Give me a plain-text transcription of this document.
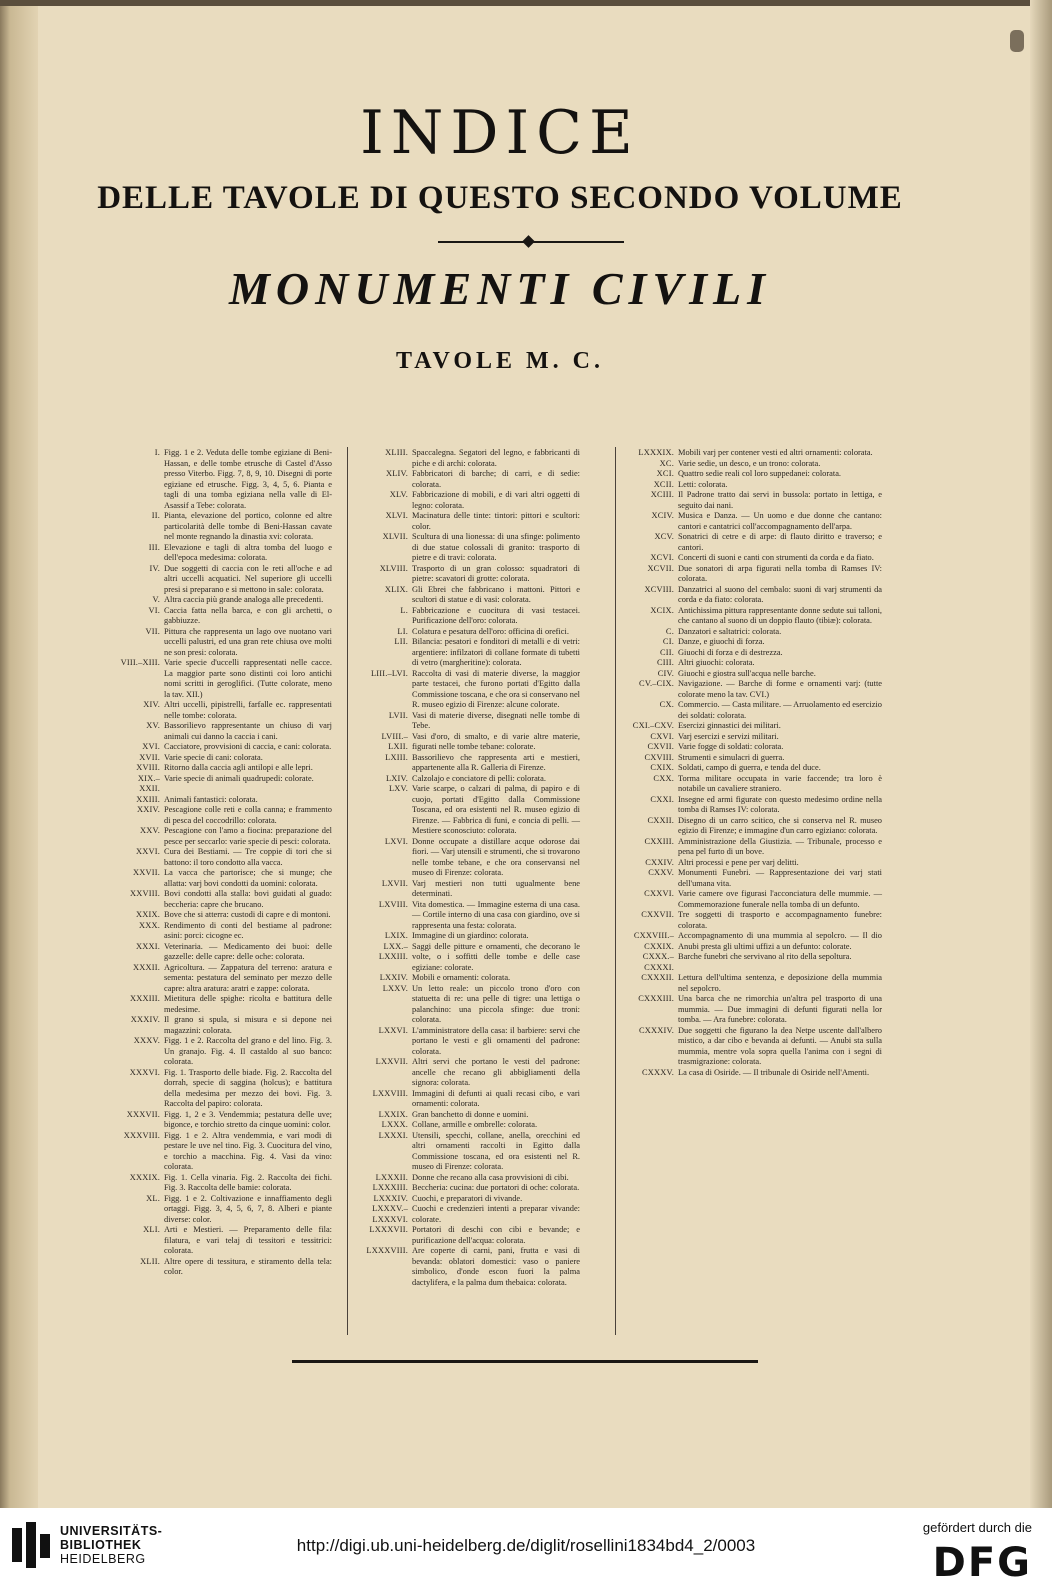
INDICE
DELLE TAVOLE DI QUESTO SECONDO VOLUME
MONUMENTI CIVILI
TAVOLE M. C.
I. Figg. 1 e 2. Veduta delle tombe egiziane di Beni-Hassan, e delle tombe etrusche di Castel d'Asso presso Viterbo. Figg. 7, 8, 9, 10. Disegni di porte egiziane ed etrusche. Figg. 3, 4, 5, 6. Pianta e tagli di una tomba egiziana nella valle di El-Asassif a Tebe: colorata.
II. Pianta, elevazione del portico, colonne ed altre particolarità delle tombe di Beni-Hassan cavate nel monte regnando la dinastia xvi: colorata.
III. Elevazione e tagli di altra tomba del luogo e dell'epoca medesima: colorata.
IV. Due soggetti di caccia con le reti all'oche e ad altri uccelli acquatici. Nel superiore gli uccelli presi si preparano e si mettono in sale: colorata.
V. Altra caccia più grande analoga alle precedenti.
VI. Caccia fatta nella barca, e con gli archetti, o gabbiuzze.
VII. Pittura che rappresenta un lago ove nuotano vari uccelli palustri, ed una gran rete chiusa ove molti ne son presi: colorata.
VIII.–XIII. Varie specie d'uccelli rappresentati nelle cacce. La maggior parte sono distinti coi loro antichi nomi scritti in geroglifici. (Tutte colorate, meno la tav. XII.)
XIV. Altri uccelli, pipistrelli, farfalle ec. rappresentati nelle tombe: colorata.
XV. Bassorilievo rappresentante un chiuso di varj animali cui danno la caccia i cani.
XVI. Cacciatore, provvisioni di caccia, e cani: colorata.
XVII. Varie specie di cani: colorata.
XVIII. Ritorno dalla caccia agli antilopi e alle lepri.
XIX.–XXII.
Varie specie di animali quadrupedi: colorate.
XXIII. Animali fantastici: colorata.
XXIV. Pescagione colle reti e colla canna; e frammento di pesca del coccodrillo: colorata.
XXV. Pescagione con l'amo a fiocina: preparazione del pesce per seccarlo: varie specie di pesci: colorata.
XXVI. Cura dei Bestiami. — Tre coppie di tori che si battono: il toro condotto alla vacca.
XXVII. La vacca che partorisce; che si munge; che allatta: varj bovi condotti da uomini: colorata.
XXVIII. Bovi condotti alla stalla: bovi guidati al guado: beccheria: capre che brucano.
XXIX. Bove che si atterra: custodi di capre e di montoni.
XXX. Rendimento di conti del bestiame al padrone: asini: porci: cicogne ec.
XXXI. Veterinaria. — Medicamento dei buoi: delle gazzelle: delle capre: delle oche: colorata.
XXXII. Agricoltura. — Zappatura del terreno: aratura e sementa: pestatura del seminato per mezzo delle capre: altra aratura: aratri e zappe: colorata.
XXXIII. Mietitura delle spighe: ricolta e battitura delle medesime.
XXXIV. Il grano si spula, si misura e si depone nei magazzini: colorata.
XXXV. Figg. 1 e 2. Raccolta del grano e del lino. Fig. 3. Un granajo. Fig. 4. Il castaldo al suo banco: colorata.
XXXVI. Fig. 1. Trasporto delle biade. Fig. 2. Raccolta del dorrah, specie di saggina (holcus); e battitura della medesima per mezzo dei bovi. Fig. 3. Raccolta del papiro: colorata.
XXXVII. Figg. 1, 2 e 3. Vendemmia; pestatura delle uve; bigonce, e torchio stretto da cinque uomini: color.
XXXVIII. Figg. 1 e 2. Altra vendemmia, e vari modi di pestare le uve nel tino. Fig. 3. Cuocitura del vino, e torchio a macchina. Fig. 4. Vasi da vino: colorata.
XXXIX. Fig. 1. Cella vinaria. Fig. 2. Raccolta dei fichi. Fig. 3. Raccolta delle bamie: colorata.
XL. Figg. 1 e 2. Coltivazione e innaffiamento degli ortaggi. Figg. 3, 4, 5, 6, 7, 8. Alberi e piante diverse: color.
XLI. Arti e Mestieri. — Preparamento delle fila: filatura, e vari telaj di tessitori e tessitrici: colorata.
XLII. Altre opere di tessitura, e stiramento della tela: color.
XLIII. Spaccalegna. Segatori del legno, e fabbricanti di piche e di archi: colorata.
XLIV. Fabbricatori di barche; di carri, e di sedie: colorata.
XLV. Fabbricazione di mobili, e di vari altri oggetti di legno: colorata.
XLVI. Macinatura delle tinte: tintori: pittori e scultori: color.
XLVII. Scultura di una lionessa: di una sfinge: polimento di due statue colossali di granito: trasporto di pietre e di travi: colorata.
XLVIII. Trasporto di un gran colosso: squadratori di pietre: scavatori di grotte: colorata.
XLIX. Gli Ebrei che fabbricano i mattoni. Pittori e scultori di statue e di vasi: colorata.
L. Fabbricazione e cuocitura di vasi testacei. Purificazione dell'oro: colorata.
LI. Colatura e pesatura dell'oro: officina di orefici.
LII. Bilancia: pesatori e fonditori di metalli e di vetri: argentiere: infilzatori di collane formate di tubetti di vetro (margheritine): colorata.
LIII.–LVI. Raccolta di vasi di materie diverse, la maggior parte testacei, che furono portati d'Egitto dalla Commissione toscana, e che ora si conservano nel R. museo egizio di Firenze: alcune colorate.
LVII. Vasi di materie diverse, disegnati nelle tombe di Tebe.
LVIII.–LXII.
Vasi d'oro, di smalto, e di varie altre materie, figurati nelle tombe tebane: colorate.
LXIII. Bassorilievo che rappresenta arti e mestieri, appartenente alla R. Galleria di Firenze.
LXIV. Calzolajo e conciatore di pelli: colorata.
LXV. Varie scarpe, o calzari di palma, di papiro e di cuojo, portati d'Egitto dalla Commissione Toscana, ed ora esistenti nel R. museo egizio di Firenze. — Fabbrica di funi, e concia di pelli. — Mestiere sconosciuto: colorata.
LXVI. Donne occupate a distillare acque odorose dai fiori. — Varj utensili e strumenti, che si trovarono nelle tombe tebane, e che ora conservansi nel museo di Firenze: colorata.
LXVII. Varj mestieri non tutti ugualmente bene determinati.
LXVIII. Vita domestica. — Immagine esterna di una casa. — Cortile interno di una casa con giardino, ove si rappresenta una festa: colorata.
LXIX. Immagine di un giardino: colorata.
LXX.–LXXIII.
Saggi delle pitture e ornamenti, che decorano le volte, o i soffitti delle tombe e delle case egiziane: colorate.
LXXIV. Mobili e ornamenti: colorata.
LXXV. Un letto reale: un piccolo trono d'oro con statuetta di re: una pelle di tigre: una lettiga o palanchino: una piccola sfinge: due troni: colorata.
LXXVI. L'amministratore della casa: il barbiere: servi che portano le vesti e gli ornamenti del padrone: colorata.
LXXVII. Altri servi che portano le vesti del padrone: ancelle che recano gli abbigliamenti della signora: colorata.
LXXVIII. Immagini di defunti ai quali recasi cibo, e vari ornamenti: colorata.
LXXIX. Gran banchetto di donne e uomini.
LXXX. Collane, armille e ombrelle: colorata.
LXXXI. Utensili, specchi, collane, anella, orecchini ed altri ornamenti raccolti in Egitto dalla Commissione toscana, ed ora esistenti nel R. museo di Firenze: colorata.
LXXXII. Donne che recano alla casa provvisioni di cibi.
LXXXIII. Beccheria: cucina: due portatori di oche: colorata.
LXXXIV. Cuochi, e preparatori di vivande.
LXXXV.–LXXXVI.
Cuochi e credenzieri intenti a preparar vivande: colorate.
LXXXVII. Portatori di deschi con cibi e bevande; e purificazione dell'acqua: colorata.
LXXXVIII. Are coperte di carni, pani, frutta e vasi di bevanda: oblatori domestici: vaso o paniere simbolico, d'onde escon fuori la palma dactylifera, e la palma dum thebaica: colorata.
LXXXIX. Mobili varj per contener vesti ed altri ornamenti: colorata.
XC. Varie sedie, un desco, e un trono: colorata.
XCI. Quattro sedie reali col loro suppedanei: colorata.
XCII. Letti: colorata.
XCIII. Il Padrone tratto dai servi in bussola: portato in lettiga, e seguito dai nani.
XCIV. Musica e Danza. — Un uomo e due donne che cantano: cantori e cantatrici coll'accompagnamento dell'arpa.
XCV. Sonatrici di cetre e di arpe: di flauto diritto e traverso; e cantori.
XCVI. Concerti di suoni e canti con strumenti da corda e da fiato.
XCVII. Due sonatori di arpa figurati nella tomba di Ramses IV: colorata.
XCVIII. Danzatrici al suono del cembalo: suoni di varj strumenti da corda e da fiato: colorata.
XCIX. Antichissima pittura rappresentante donne sedute sui talloni, che cantano al suono di un doppio flauto (tibiæ): colorata.
C. Danzatori e saltatrici: colorata.
CI. Danze, e giuochi di forza.
CII. Giuochi di forza e di destrezza.
CIII. Altri giuochi: colorata.
CIV. Giuochi e giostra sull'acqua nelle barche.
CV.–CIX. Navigazione. — Barche di forme e ornamenti varj: (tutte colorate meno la tav. CVI.)
CX. Commercio. — Casta militare. — Arruolamento ed esercizio dei soldati: colorata.
CXI.–CXV. Esercizi ginnastici dei militari.
CXVI. Varj esercizi e servizi militari.
CXVII. Varie fogge di soldati: colorata.
CXVIII. Strumenti e simulacri di guerra.
CXIX. Soldati, campo di guerra, e tenda del duce.
CXX. Torma militare occupata in varie faccende; tra loro è notabile un cavaliere straniero.
CXXI. Insegne ed armi figurate con questo medesimo ordine nella tomba di Ramses IV: colorata.
CXXII. Disegno di un carro scitico, che si conserva nel R. museo egizio di Firenze; e immagine d'un carro egiziano: colorata.
CXXIII. Amministrazione della Giustizia. — Tribunale, processo e pena pel furto di un bove.
CXXIV. Altri processi e pene per varj delitti.
CXXV. Monumenti Funebri. — Rappresentazione dei varj stati dell'umana vita.
CXXVI. Varie camere ove figurasi l'acconciatura delle mummie. — Commemorazione funerale nella tomba di un defunto.
CXXVII. Tre soggetti di trasporto e accompagnamento funebre: colorata.
CXXVIII.–CXXIX.
Accompagnamento di una mummia al sepolcro. — Il dio Anubi presta gli ultimi uffizi a un defunto: colorate.
CXXX.–CXXXI.
Barche funebri che servivano al rito della sepoltura.
CXXXII. Lettura dell'ultima sentenza, e deposizione della mummia nel sepolcro.
CXXXIII. Una barca che ne rimorchia un'altra pel trasporto di una mummia. — Due immagini di defunti figurati nella lor tomba. — Ara funebre: colorata.
CXXXIV. Due soggetti che figurano la dea Netpe uscente dall'albero mistico, a dar cibo e bevanda ai defunti. — Anubi sta sulla mummia, mentre vola sopra quella l'anima con i segni di trasmigrazione: colorata.
CXXXV. La casa di Osiride. — Il tribunale di Osiride nell'Amenti.
UNIVERSITÄTS-
BIBLIOTHEK
HEIDELBERG
http://digi.ub.uni-heidelberg.de/diglit/rosellini1834bd4_2/0003
gefördert durch die
DFG
